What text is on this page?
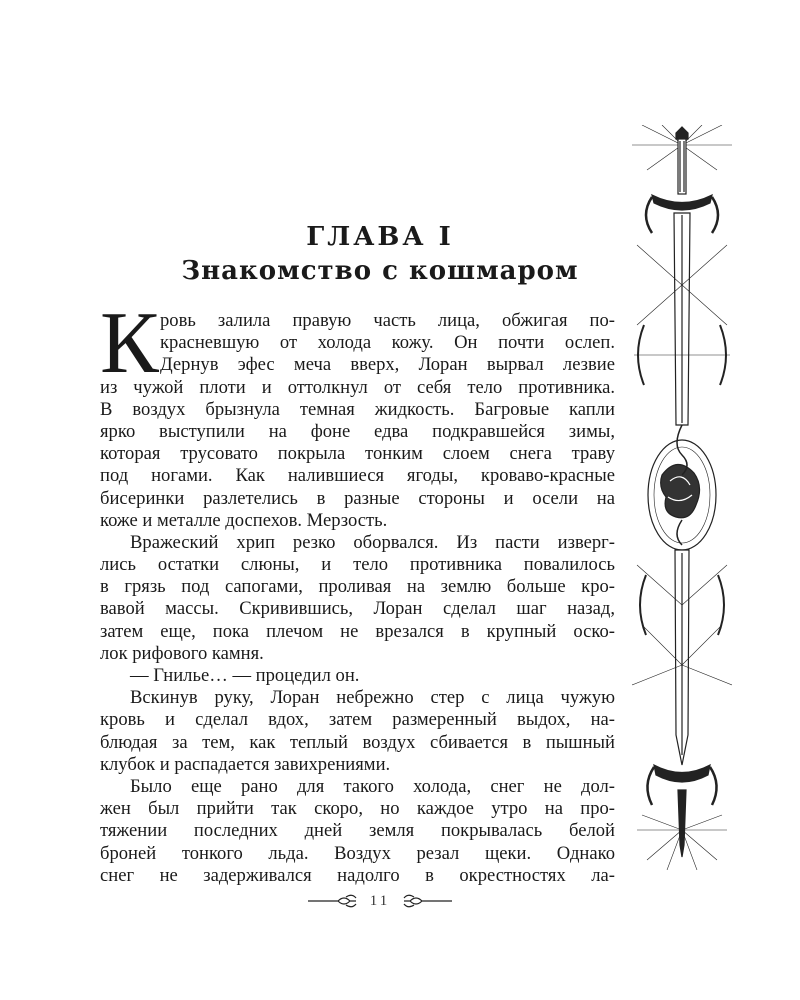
ГЛАВА I
Знакомство с кошмаром
К ровь залила правую часть лица, обжигая по-
красневшую от холода кожу. Он почти ослеп.
Дернув эфес меча вверх, Лоран вырвал лезвие
из чужой плоти и оттолкнул от себя тело противника.
В воздух брызнула темная жидкость. Багровые капли
ярко выступили на фоне едва подкравшейся зимы,
которая трусовато покрыла тонким слоем снега траву
под ногами. Как налившиеся ягоды, кроваво-красные
бисеринки разлетелись в разные стороны и осели на
коже и металле доспехов. Мерзость.
Вражеский хрип резко оборвался. Из пасти изверг-
лись остатки слюны, и тело противника повалилось
в грязь под сапогами, проливая на землю больше кро-
вавой массы. Скривившись, Лоран сделал шаг назад,
затем еще, пока плечом не врезался в крупный оско-
лок рифового камня.
— Гнилье… — процедил он.
Вскинув руку, Лоран небрежно стер с лица чужую
кровь и сделал вдох, затем размеренный выдох, на-
блюдая за тем, как теплый воздух сбивается в пышный
клубок и распадается завихрениями.
Было еще рано для такого холода, снег не дол-
жен был прийти так скоро, но каждое утро на про-
тяжении последних дней земля покрывалась белой
броней тонкого льда. Воздух резал щеки. Однако
снег не задерживался надолго в окрестностях ла-
11
